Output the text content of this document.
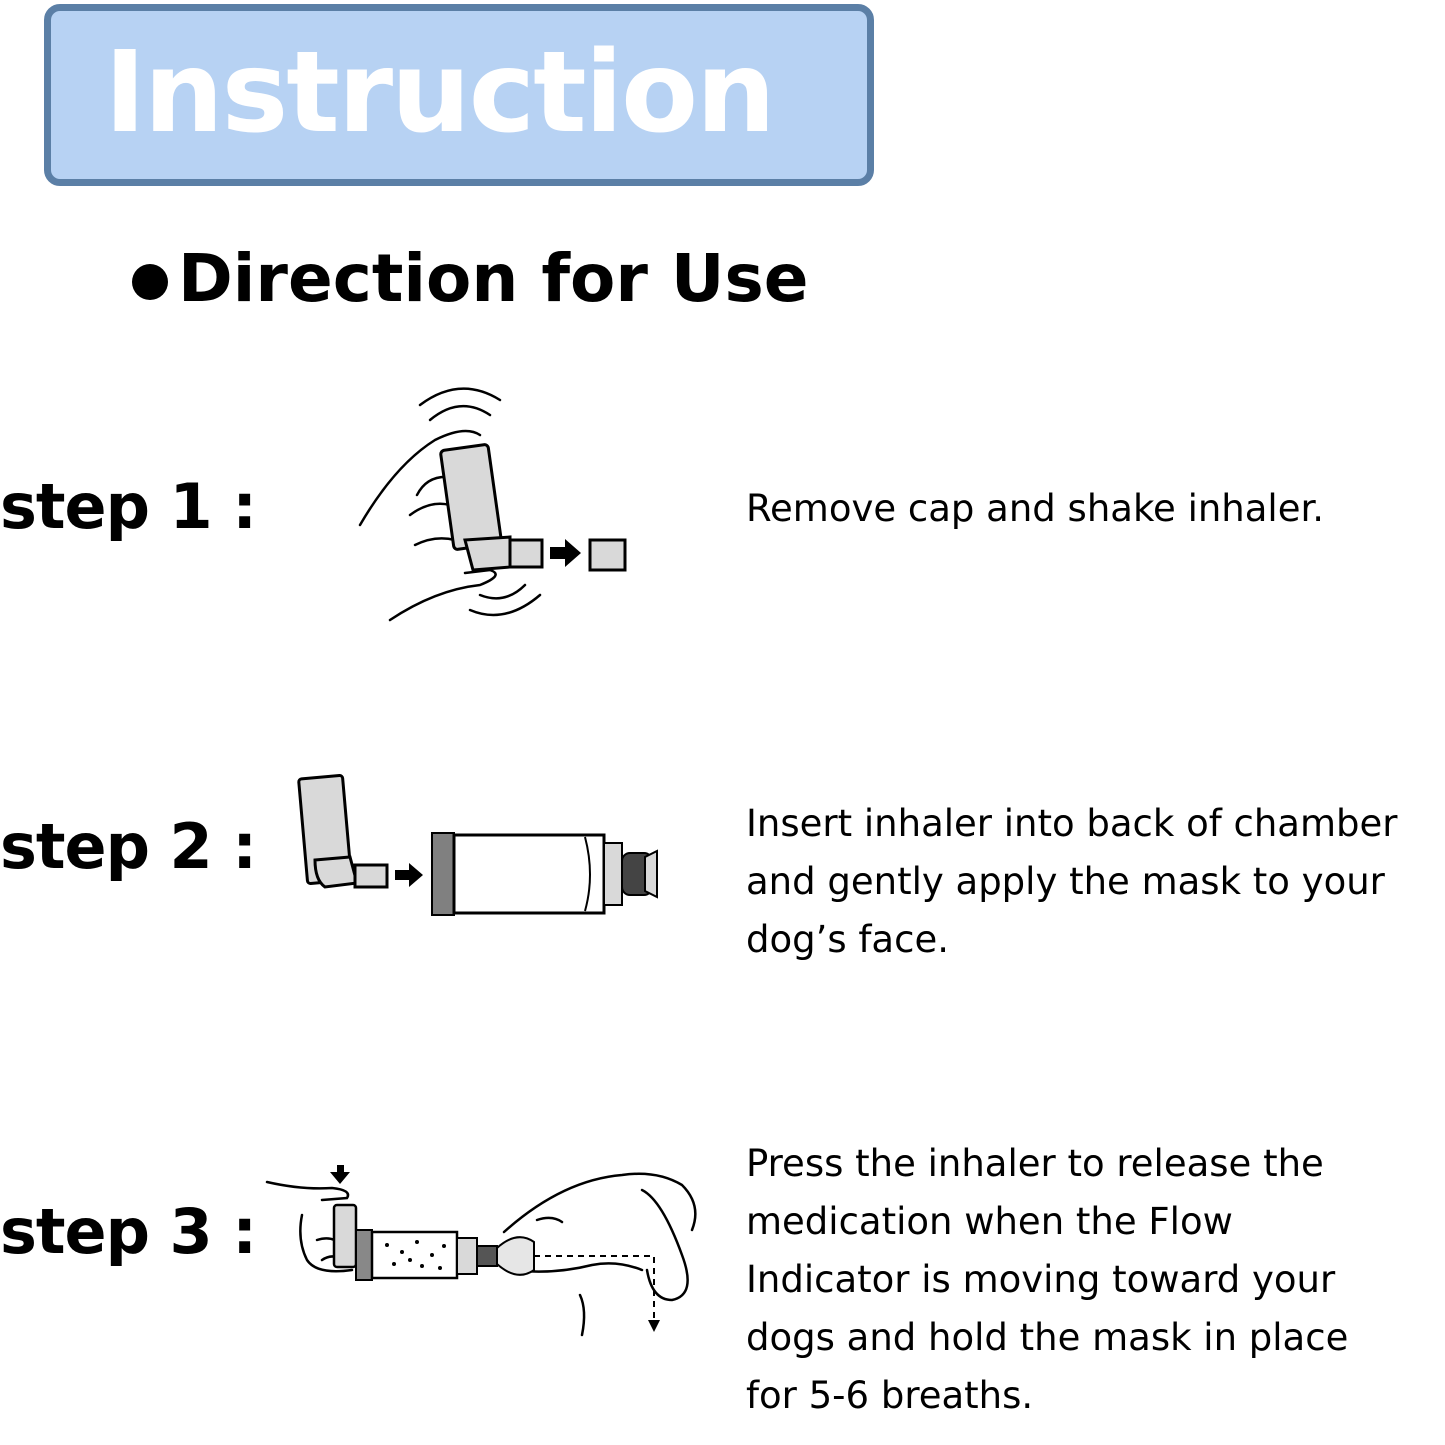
Instruction
Direction for Use
step 1 :	Remove cap and shake inhaler.
step 2 :	Insert inhaler into back of chamber
and gently apply the mask to your
dog’s face.
step 3 :
Press the inhaler to release the
medication when the Flow
Indicator is moving toward your
dogs and hold the mask in place
for 5-6 breaths.
